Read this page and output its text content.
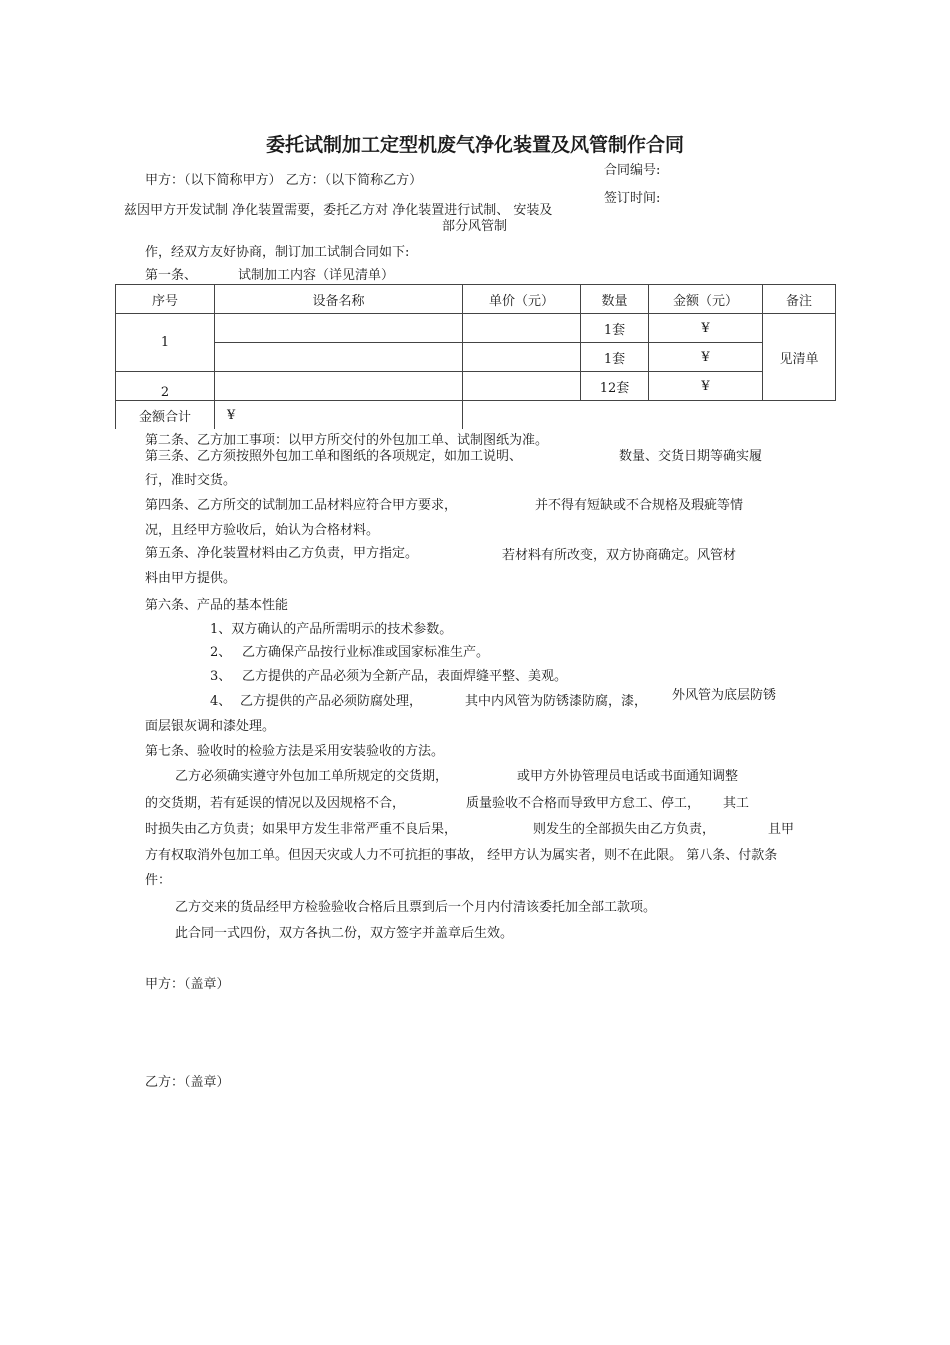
委托试制加工定型机废气净化装置及风管制作合同
合同编号:
甲方：（以下简称甲方） 乙方：（以下简称乙方）
签订时间:
兹因甲方开发试制 净化装置需要，委托乙方对 净化装置进行试制、 安装及
部分风管制
作，经双方友好协商，制订加工试制合同如下:
第一条、	试制加工内容（详见清单）
序号	设备名称	单价（元）	数量	金额（元）	备注
1			1套	¥	见清单
			1套	¥	
2			12套	¥	
金额合计	¥				
第二条、乙方加工事项：以甲方所交付的外包加工单、试制图纸为准。
第三条、乙方须按照外包加工单和图纸的各项规定，如加工说明、	数量、交货日期等确实履
行，准时交货。
第四条、乙方所交的试制加工品材料应符合甲方要求，	并不得有短缺或不合规格及瑕疵等情
况，且经甲方验收后，始认为合格材料。
第五条、净化装置材料由乙方负责，甲方指定。	若材料有所改变，双方协商确定。风管材
料由甲方提供。
第六条、产品的基本性能
1、双方确认的产品所需明示的技术参数。
2、 乙方确保产品按行业标准或国家标准生产。
3、 乙方提供的产品必须为全新产品，表面焊缝平整、美观。
4、 乙方提供的产品必须防腐处理，	其中内风管为防锈漆防腐，漆， 外风管为底层防锈
面层银灰调和漆处理。
第七条、验收时的检验方法是采用安装验收的方法。
乙方必须确实遵守外包加工单所规定的交货期，	或甲方外协管理员电话或书面通知调整
的交货期，若有延误的情况以及因规格不合，	质量验收不合格而导致甲方怠工、停工， 其工
时损失由乙方负责；如果甲方发生非常严重不良后果，	则发生的全部损失由乙方负责，	且甲
方有权取消外包加工单。但因天灾或人力不可抗拒的事故， 经甲方认为属实者，则不在此限。 第八条、付款条
件：
乙方交来的货品经甲方检验验收合格后且票到后一个月内付清该委托加全部工款项。
此合同一式四份，双方各执二份，双方签字并盖章后生效。
甲方：（盖章）
乙方：（盖章）
